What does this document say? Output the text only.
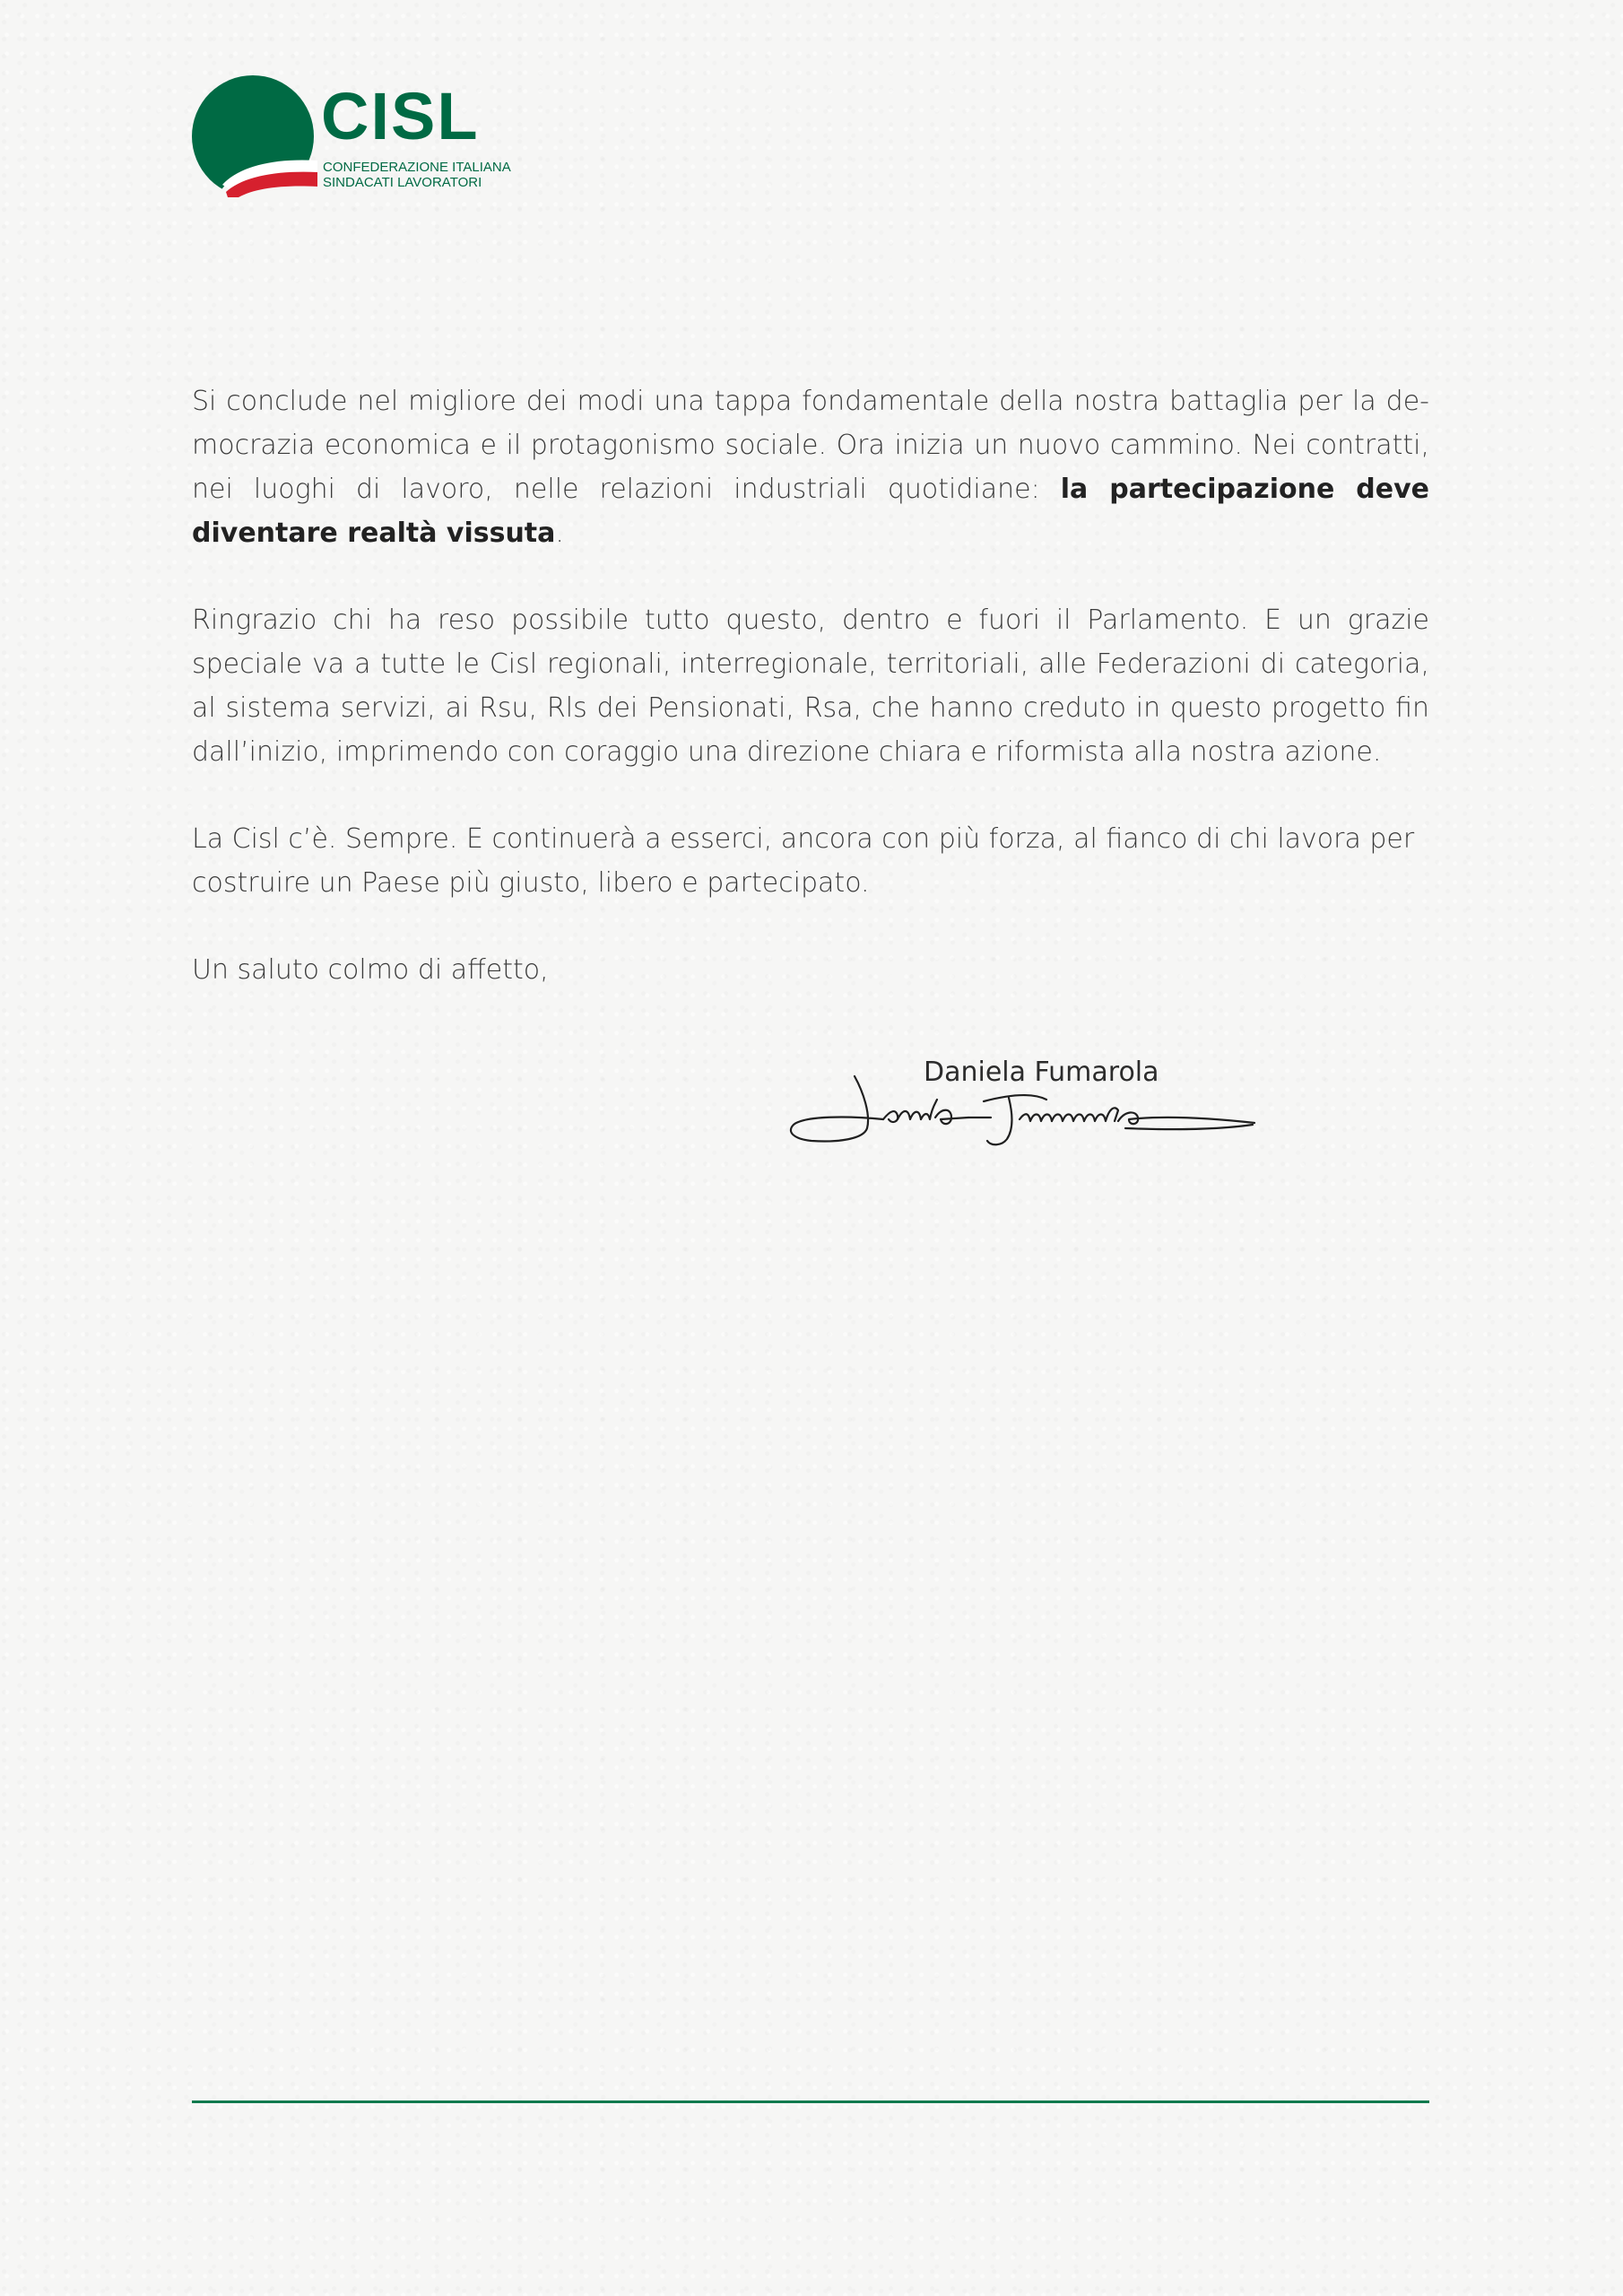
CISL
CONFEDERAZIONE ITALIANA
SINDACATI LAVORATORI

Si conclude nel migliore dei modi una tappa fondamentale della nostra battaglia per la democrazia economica e il protagonismo sociale. Ora inizia un nuovo cammino. Nei contratti, nei luoghi di lavoro, nelle relazioni industriali quotidiane: la partecipazione deve diventare realtà vissuta.

Ringrazio chi ha reso possibile tutto questo, dentro e fuori il Parlamento. E un grazie speciale va a tutte le Cisl regionali, interregionale, territoriali, alle Federazioni di categoria, al sistema servizi, ai Rsu, Rls dei Pensionati, Rsa, che hanno creduto in questo progetto fin dall’inizio, imprimendo con coraggio una direzione chiara e riformista alla nostra azione.

La Cisl c’è. Sempre. E continuerà a esserci, ancora con più forza, al fianco di chi lavora per costruire un Paese più giusto, libero e partecipato.

Un saluto colmo di affetto,

Daniela Fumarola
